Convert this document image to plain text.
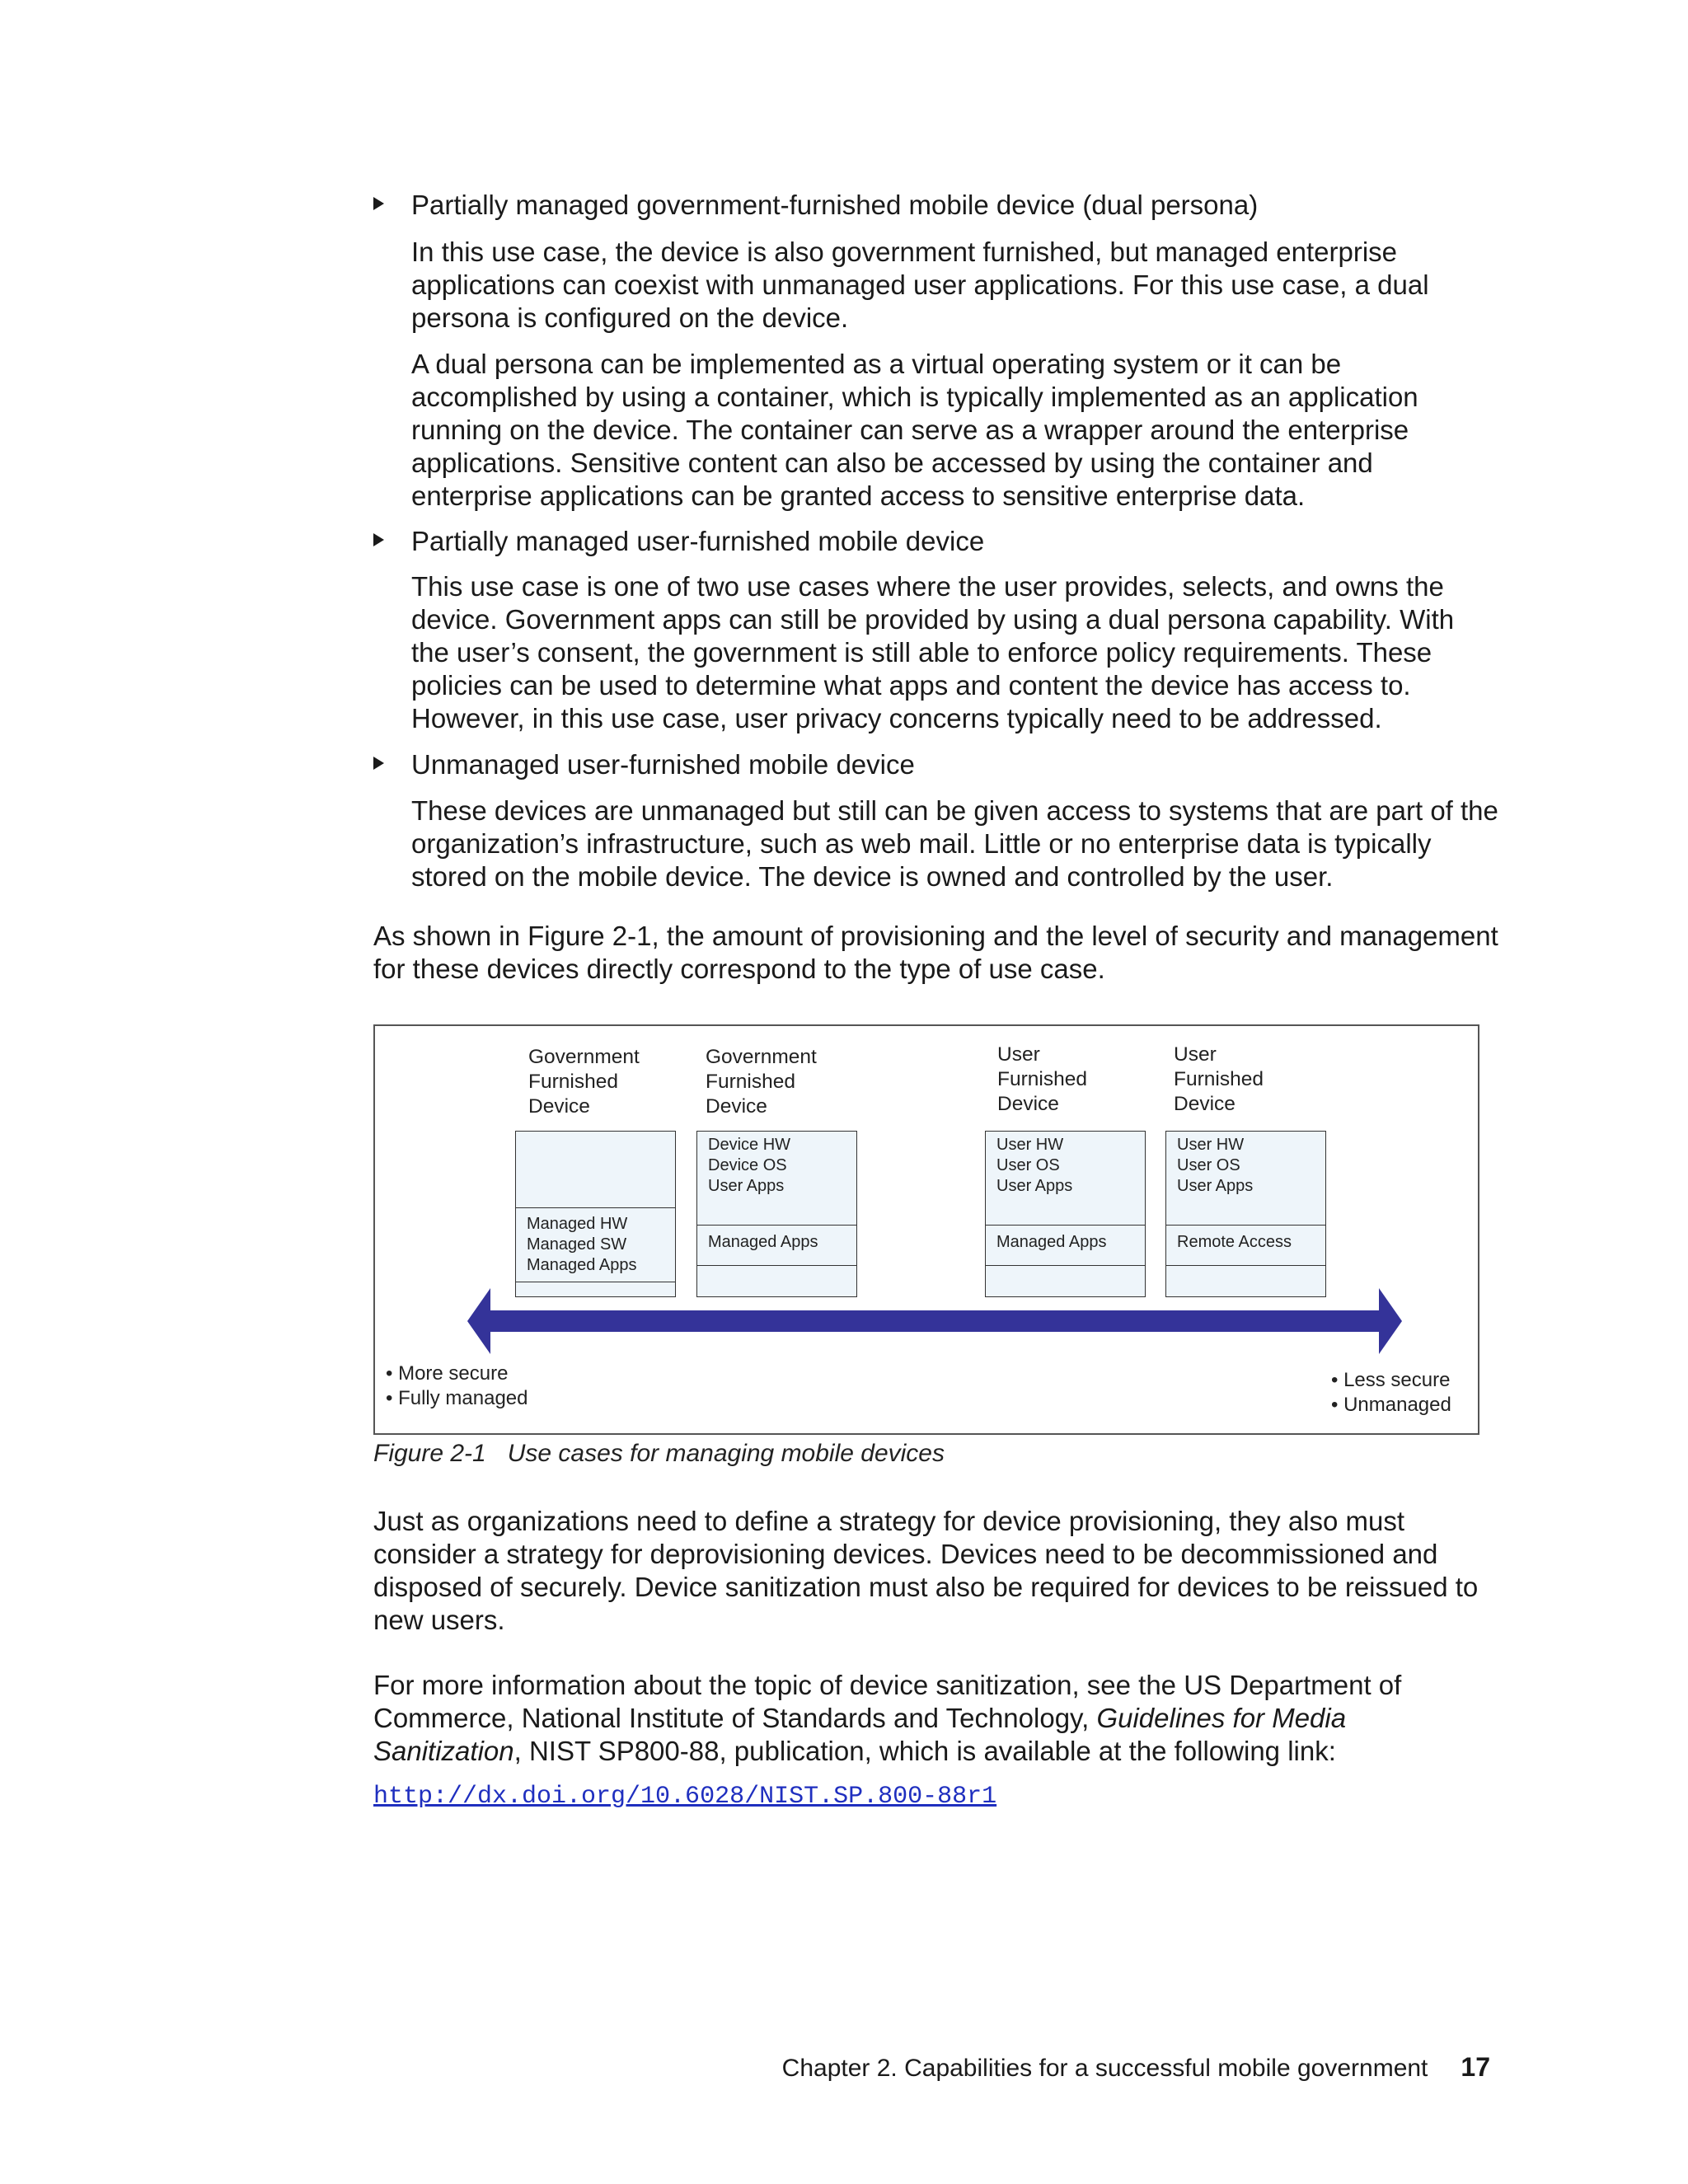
Partially managed government-furnished mobile device (dual persona)

In this use case, the device is also government furnished, but managed enterprise applications can coexist with unmanaged user applications. For this use case, a dual persona is configured on the device.

A dual persona can be implemented as a virtual operating system or it can be accomplished by using a container, which is typically implemented as an application running on the device. The container can serve as a wrapper around the enterprise applications. Sensitive content can also be accessed by using the container and enterprise applications can be granted access to sensitive enterprise data.

Partially managed user-furnished mobile device

This use case is one of two use cases where the user provides, selects, and owns the device. Government apps can still be provided by using a dual persona capability. With the user’s consent, the government is still able to enforce policy requirements. These policies can be used to determine what apps and content the device has access to. However, in this use case, user privacy concerns typically need to be addressed.

Unmanaged user-furnished mobile device

These devices are unmanaged but still can be given access to systems that are part of the organization’s infrastructure, such as web mail. Little or no enterprise data is typically stored on the mobile device. The device is owned and controlled by the user.

As shown in Figure 2-1, the amount of provisioning and the level of security and management for these devices directly correspond to the type of use case.

Government
Furnished
Device
Managed HW
Managed SW
Managed Apps
Government
Furnished
Device
Device HW
Device OS
User Apps
Managed Apps
User
Furnished
Device
User HW
User OS
User Apps
Managed Apps
User
Furnished
Device
User HW
User OS
User Apps
Remote Access
• More secure
• Fully managed
• Less secure
• Unmanaged
Figure 2-1 Use cases for managing mobile devices

Just as organizations need to define a strategy for device provisioning, they also must consider a strategy for deprovisioning devices. Devices need to be decommissioned and disposed of securely. Device sanitization must also be required for devices to be reissued to new users.

For more information about the topic of device sanitization, see the US Department of Commerce, National Institute of Standards and Technology, Guidelines for Media Sanitization, NIST SP800-88, publication, which is available at the following link:

http://dx.doi.org/10.6028/NIST.SP.800-88r1
Chapter 2. Capabilities for a successful mobile government 17
